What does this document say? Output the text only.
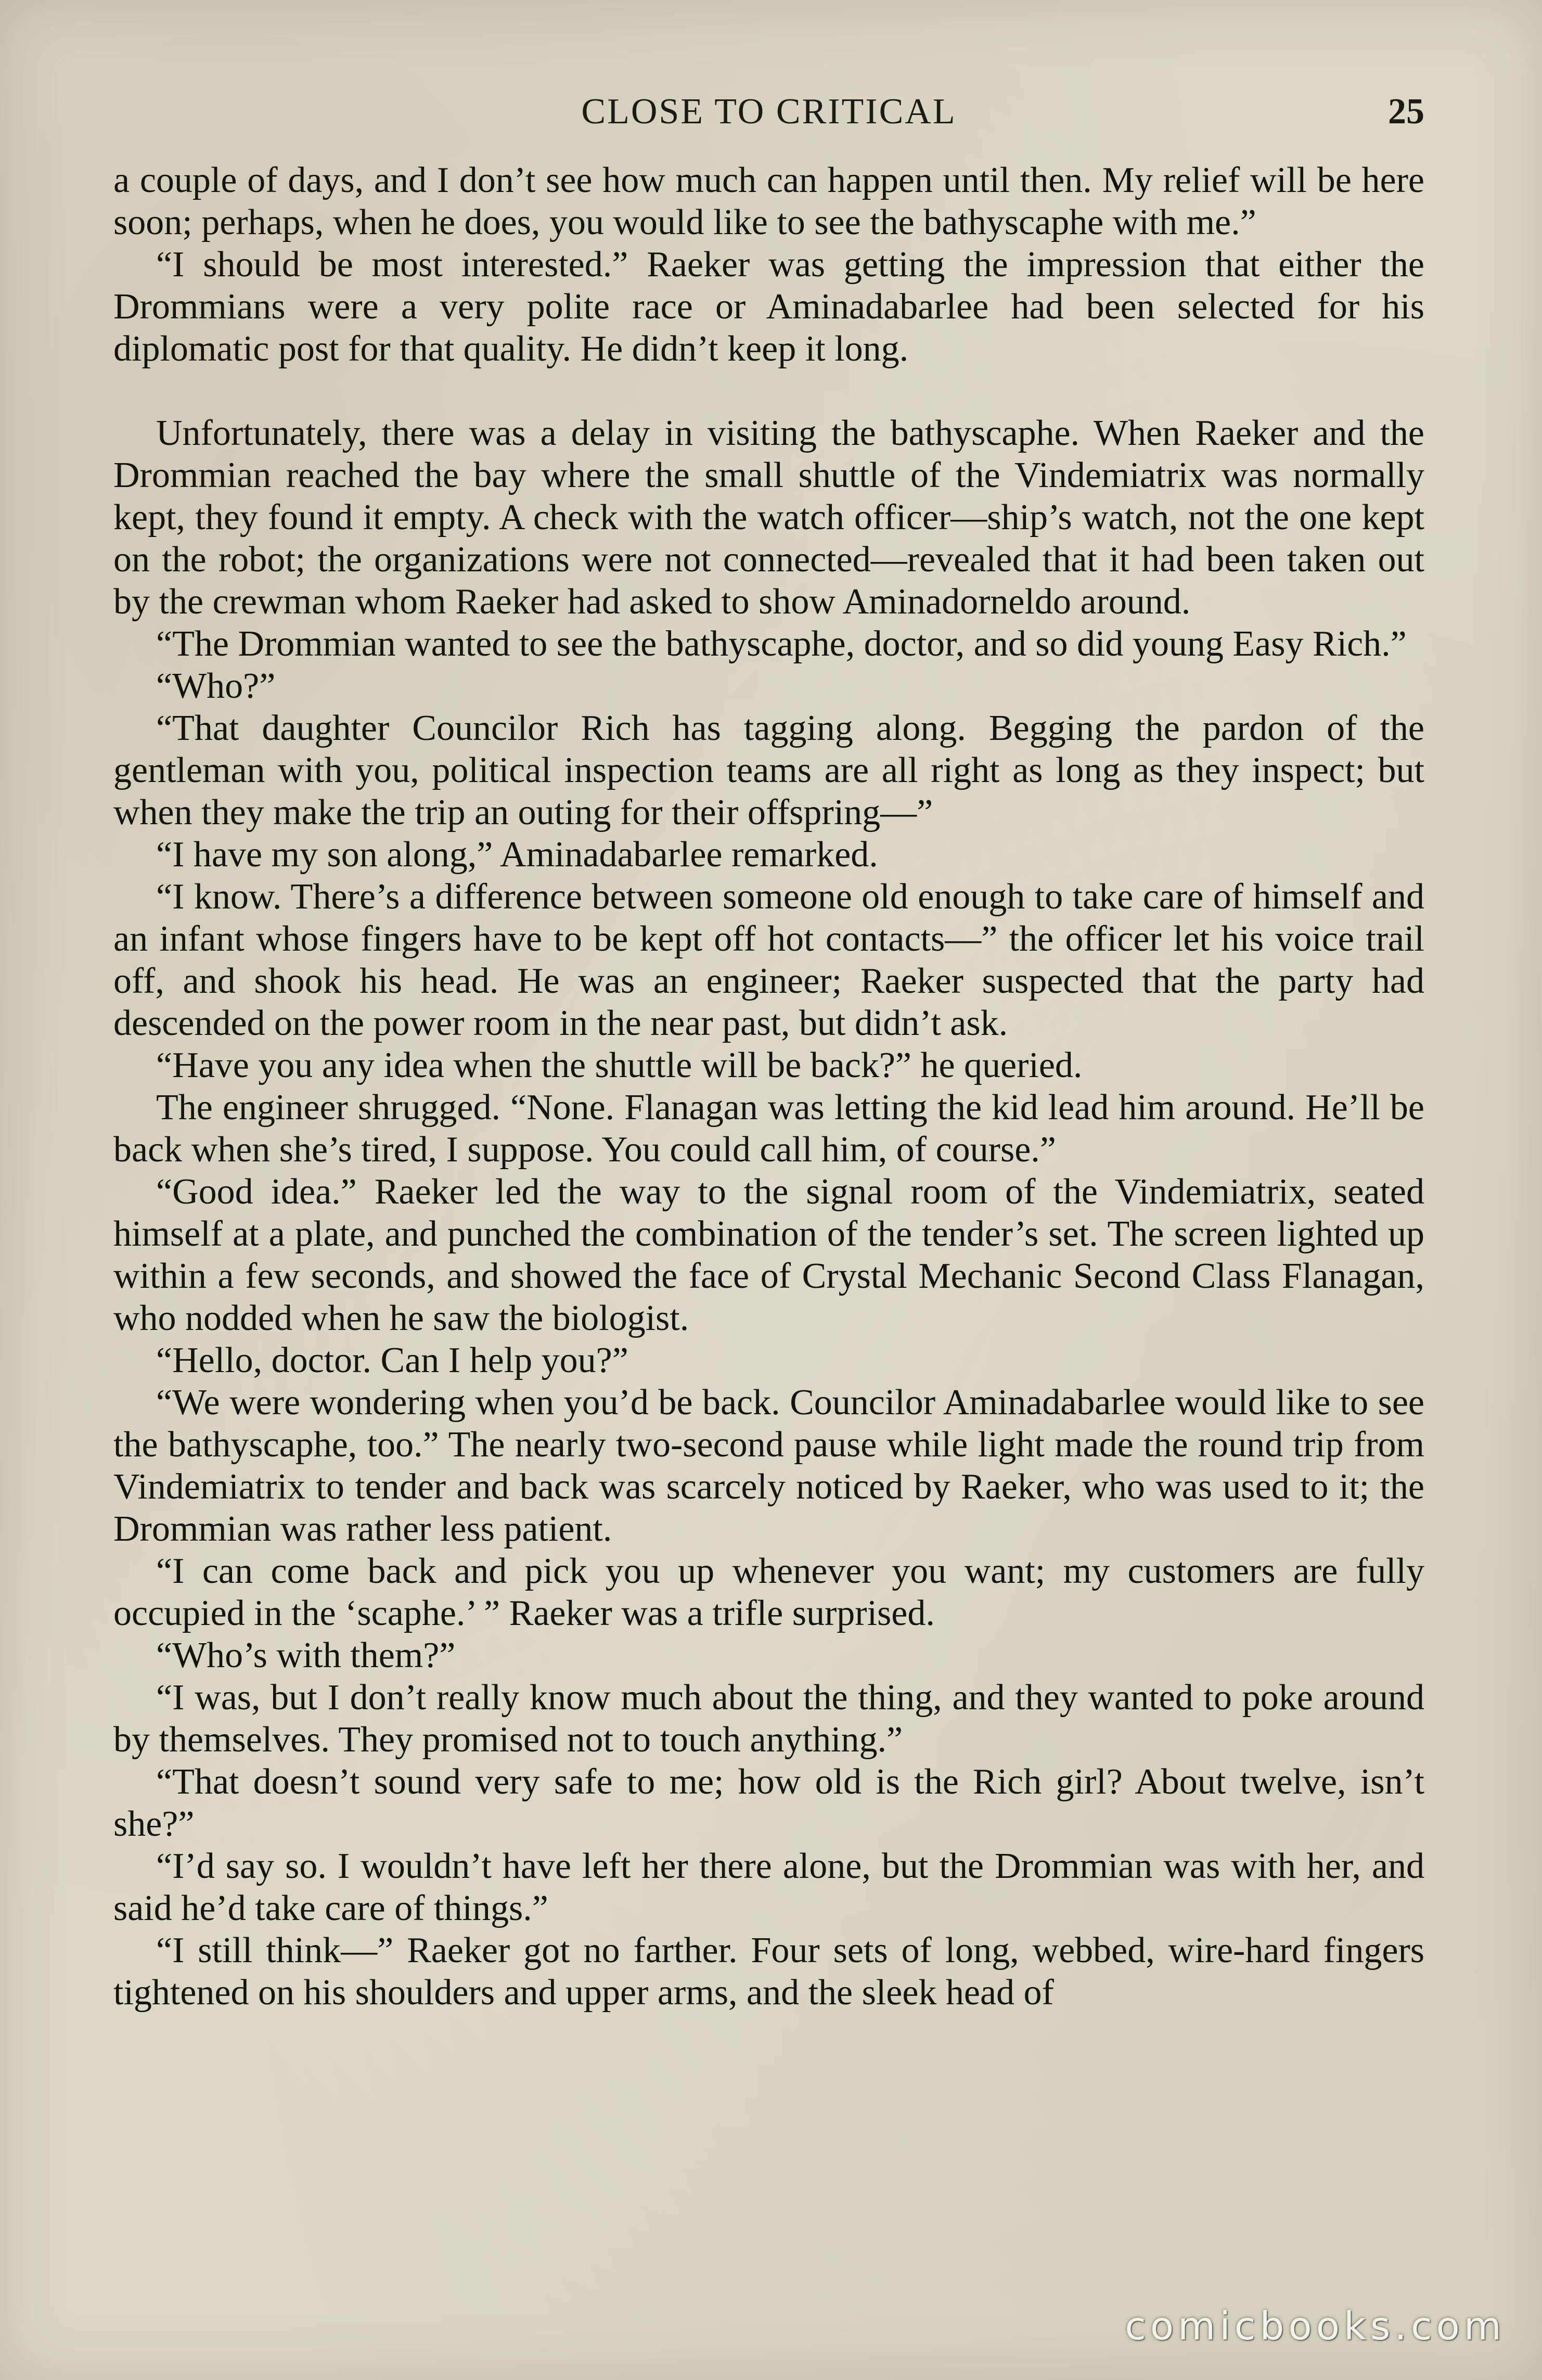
CLOSE TO CRITICAL	25

a couple of days, and I don’t see how much can happen until then. My relief will be here soon; perhaps, when he does, you would like to see the bathyscaphe with me.”

“I should be most interested.” Raeker was getting the impression that either the Drommians were a very polite race or Aminadabarlee had been selected for his diplomatic post for that quality. He didn’t keep it long.

Unfortunately, there was a delay in visiting the bathyscaphe. When Raeker and the Drommian reached the bay where the small shuttle of the Vindemiatrix was normally kept, they found it empty. A check with the watch officer—ship’s watch, not the one kept on the robot; the organizations were not connected—revealed that it had been taken out by the crewman whom Raeker had asked to show Aminadorneldo around.

“The Drommian wanted to see the bathyscaphe, doctor, and so did young Easy Rich.”

“Who?”

“That daughter Councilor Rich has tagging along. Begging the pardon of the gentleman with you, political inspection teams are all right as long as they inspect; but when they make the trip an outing for their offspring—”

“I have my son along,” Aminadabarlee remarked.

“I know. There’s a difference between someone old enough to take care of himself and an infant whose fingers have to be kept off hot contacts—” the officer let his voice trail off, and shook his head. He was an engineer; Raeker suspected that the party had descended on the power room in the near past, but didn’t ask.

“Have you any idea when the shuttle will be back?” he queried.

The engineer shrugged. “None. Flanagan was letting the kid lead him around. He’ll be back when she’s tired, I suppose. You could call him, of course.”

“Good idea.” Raeker led the way to the signal room of the Vindemiatrix, seated himself at a plate, and punched the combination of the tender’s set. The screen lighted up within a few seconds, and showed the face of Crystal Mechanic Second Class Flanagan, who nodded when he saw the biologist.

“Hello, doctor. Can I help you?”

“We were wondering when you’d be back. Councilor Aminadabarlee would like to see the bathyscaphe, too.” The nearly two-second pause while light made the round trip from Vindemiatrix to tender and back was scarcely noticed by Raeker, who was used to it; the Drommian was rather less patient.

“I can come back and pick you up whenever you want; my customers are fully occupied in the ‘scaphe.’ ” Raeker was a trifle surprised.

“Who’s with them?”

“I was, but I don’t really know much about the thing, and they wanted to poke around by themselves. They promised not to touch anything.”

“That doesn’t sound very safe to me; how old is the Rich girl? About twelve, isn’t she?”

“I’d say so. I wouldn’t have left her there alone, but the Drommian was with her, and said he’d take care of things.”

“I still think—” Raeker got no farther. Four sets of long, webbed, wire-hard fingers tightened on his shoulders and upper arms, and the sleek head of

comicbooks.com
